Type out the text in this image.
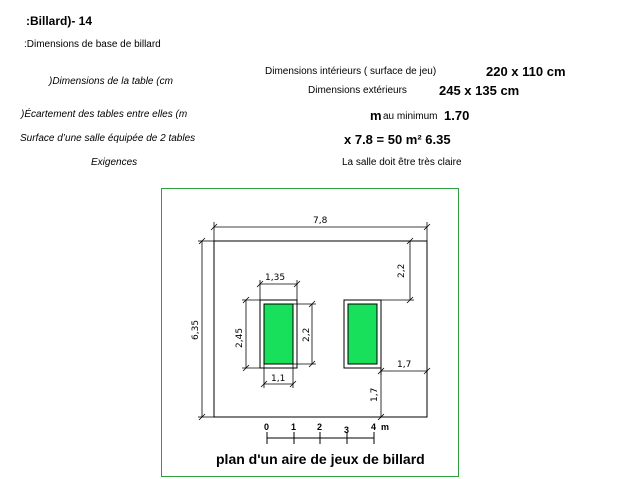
:Billard)- 14
:Dimensions de base de billard
)Dimensions de la table (cm
)Écartement des tables entre elles (m
Surface d’une salle équipée de 2 tables
Exigences
Dimensions intérieurs ( surface de jeu)	220 x 110 cm
Dimensions extérieurs 245 x 135 cm
m au minimum 1.70
x 7.8 = 50 m² 6.35
La salle doit être très claire
7,8
6,35
1,35
2,45	2,2
1,1
2,2
1,7
1,7
0 1 2 3 4 m
plan d'un aire de jeux de billard
